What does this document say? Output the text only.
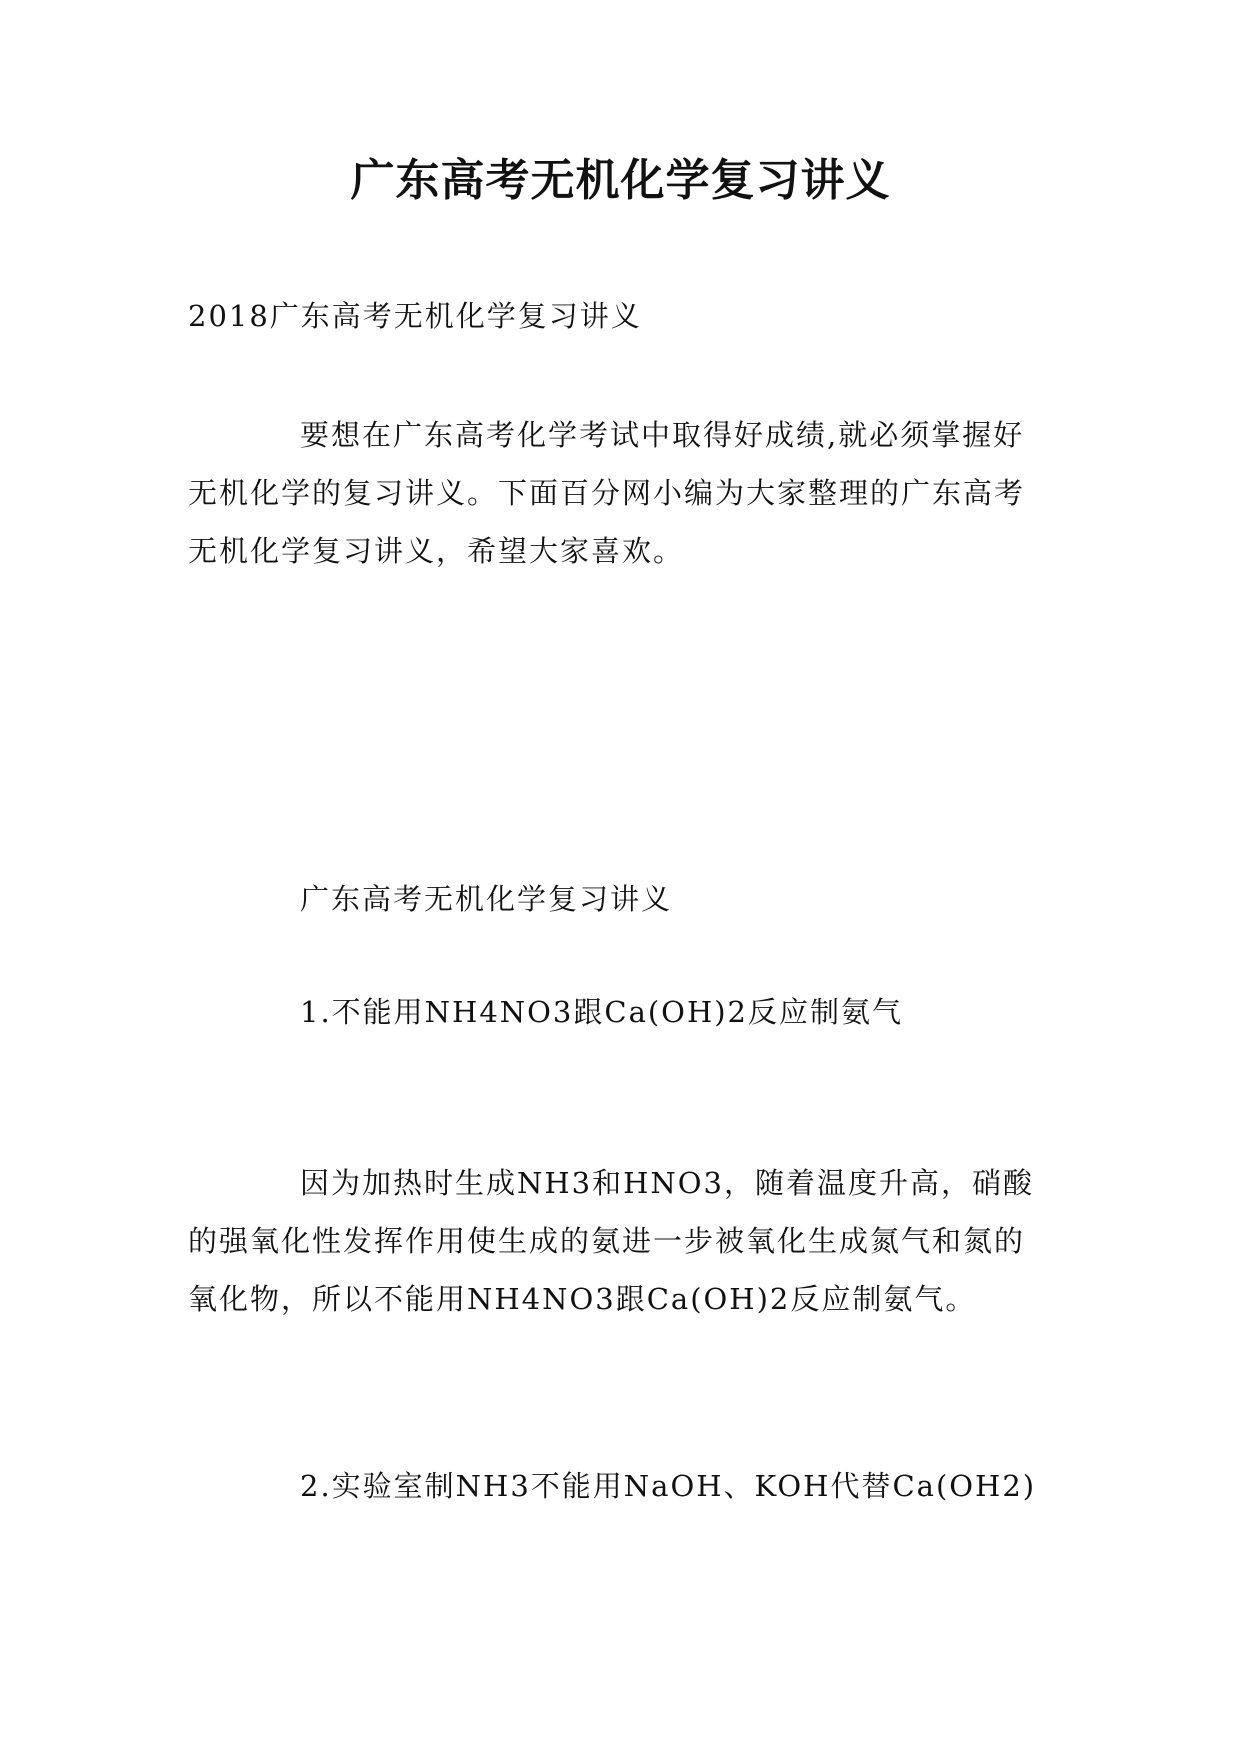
广东高考无机化学复习讲义
2018广东高考无机化学复习讲义
要想在广东高考化学考试中取得好成绩,就必须掌握好无机化学的复习讲义。下面百分网小编为大家整理的广东高考无机化学复习讲义，希望大家喜欢。
广东高考无机化学复习讲义
1.不能用NH4NO3跟Ca(OH)2反应制氨气
因为加热时生成NH3和HNO3，随着温度升高，硝酸的强氧化性发挥作用使生成的氨进一步被氧化生成氮气和氮的氧化物，所以不能用NH4NO3跟Ca(OH)2反应制氨气。
2.实验室制NH3不能用NaOH、KOH代替Ca(OH2)
